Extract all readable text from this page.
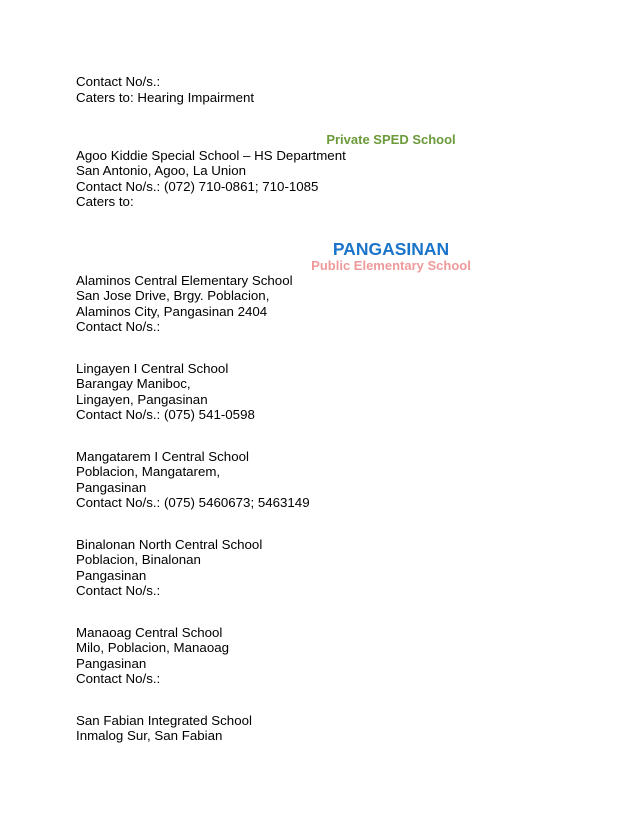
Contact No/s.:
Caters to: Hearing Impairment
Private SPED School
Agoo Kiddie Special School – HS Department
San Antonio, Agoo, La Union
Contact No/s.: (072) 710-0861; 710-1085
Caters to:
PANGASINAN
Public Elementary School
Alaminos Central Elementary School
San Jose Drive, Brgy. Poblacion,
Alaminos City, Pangasinan 2404
Contact No/s.:
Lingayen I Central School
Barangay Maniboc,
Lingayen, Pangasinan
Contact No/s.: (075) 541-0598
Mangatarem I Central School
Poblacion, Mangatarem,
Pangasinan
Contact No/s.: (075) 5460673; 5463149
Binalonan North Central School
Poblacion, Binalonan
Pangasinan
Contact No/s.:
Manaoag Central School
Milo, Poblacion, Manaoag
Pangasinan
Contact No/s.:
San Fabian Integrated School
Inmalog Sur, San Fabian
